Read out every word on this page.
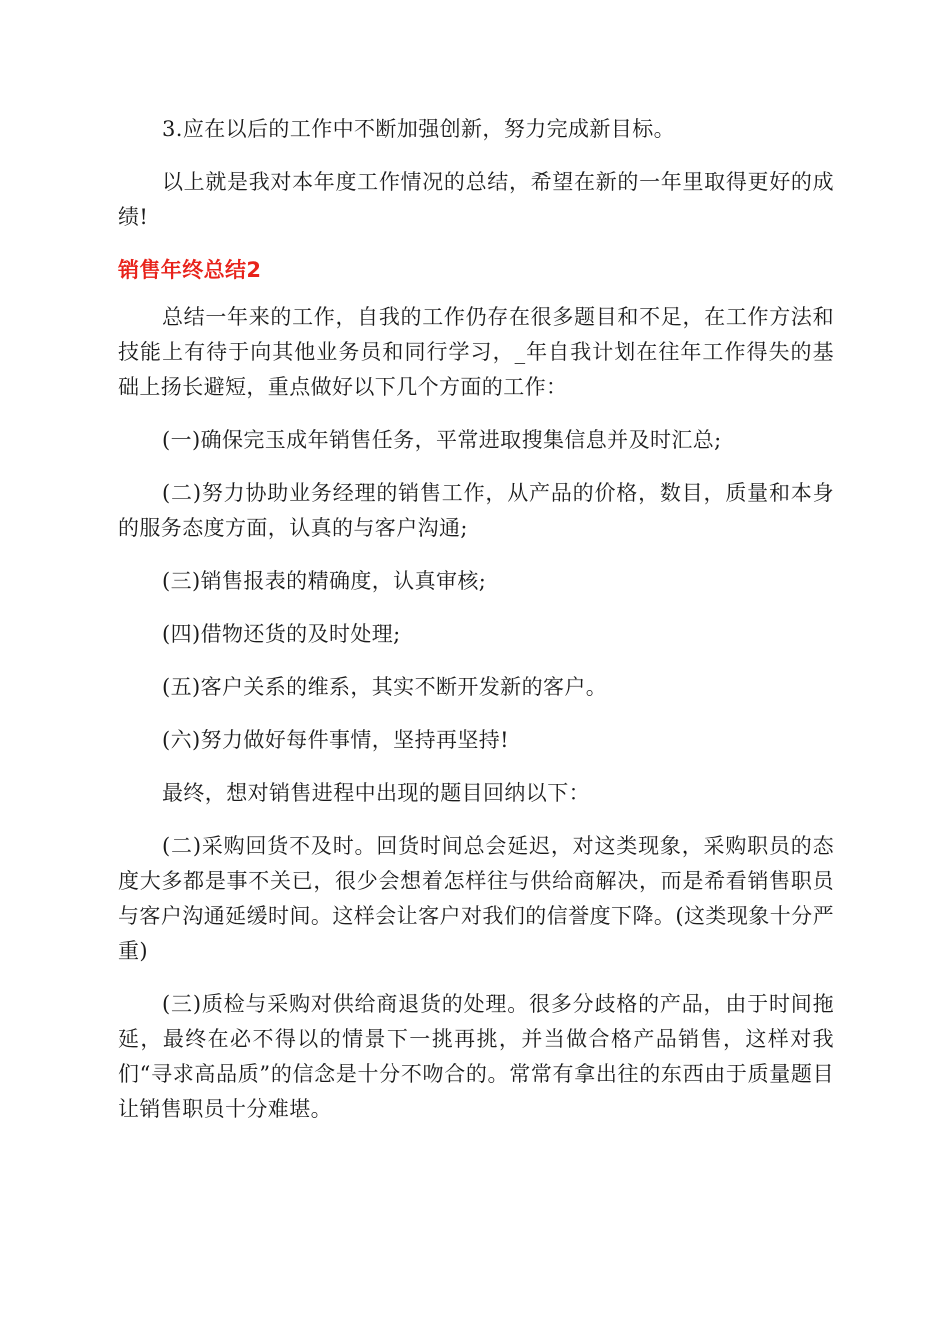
3.应在以后的工作中不断加强创新，努力完成新目标。

以上就是我对本年度工作情况的总结，希望在新的一年里取得更好的成绩!

销售年终总结2

总结一年来的工作，自我的工作仍存在很多题目和不足，在工作方法和技能上有待于向其他业务员和同行学习，_年自我计划在往年工作得失的基础上扬长避短，重点做好以下几个方面的工作：

(一)确保完玉成年销售任务，平常进取搜集信息并及时汇总;

(二)努力协助业务经理的销售工作，从产品的价格，数目，质量和本身的服务态度方面，认真的与客户沟通;

(三)销售报表的精确度，认真审核;

(四)借物还货的及时处理;

(五)客户关系的维系，其实不断开发新的客户。

(六)努力做好每件事情，坚持再坚持!

最终，想对销售进程中出现的题目回纳以下：

(二)采购回货不及时。回货时间总会延迟，对这类现象，采购职员的态度大多都是事不关已，很少会想着怎样往与供给商解决，而是希看销售职员与客户沟通延缓时间。这样会让客户对我们的信誉度下降。(这类现象十分严重)

(三)质检与采购对供给商退货的处理。很多分歧格的产品，由于时间拖延，最终在必不得以的情景下一挑再挑，并当做合格产品销售，这样对我们“寻求高品质”的信念是十分不吻合的。常常有拿出往的东西由于质量题目让销售职员十分难堪。
